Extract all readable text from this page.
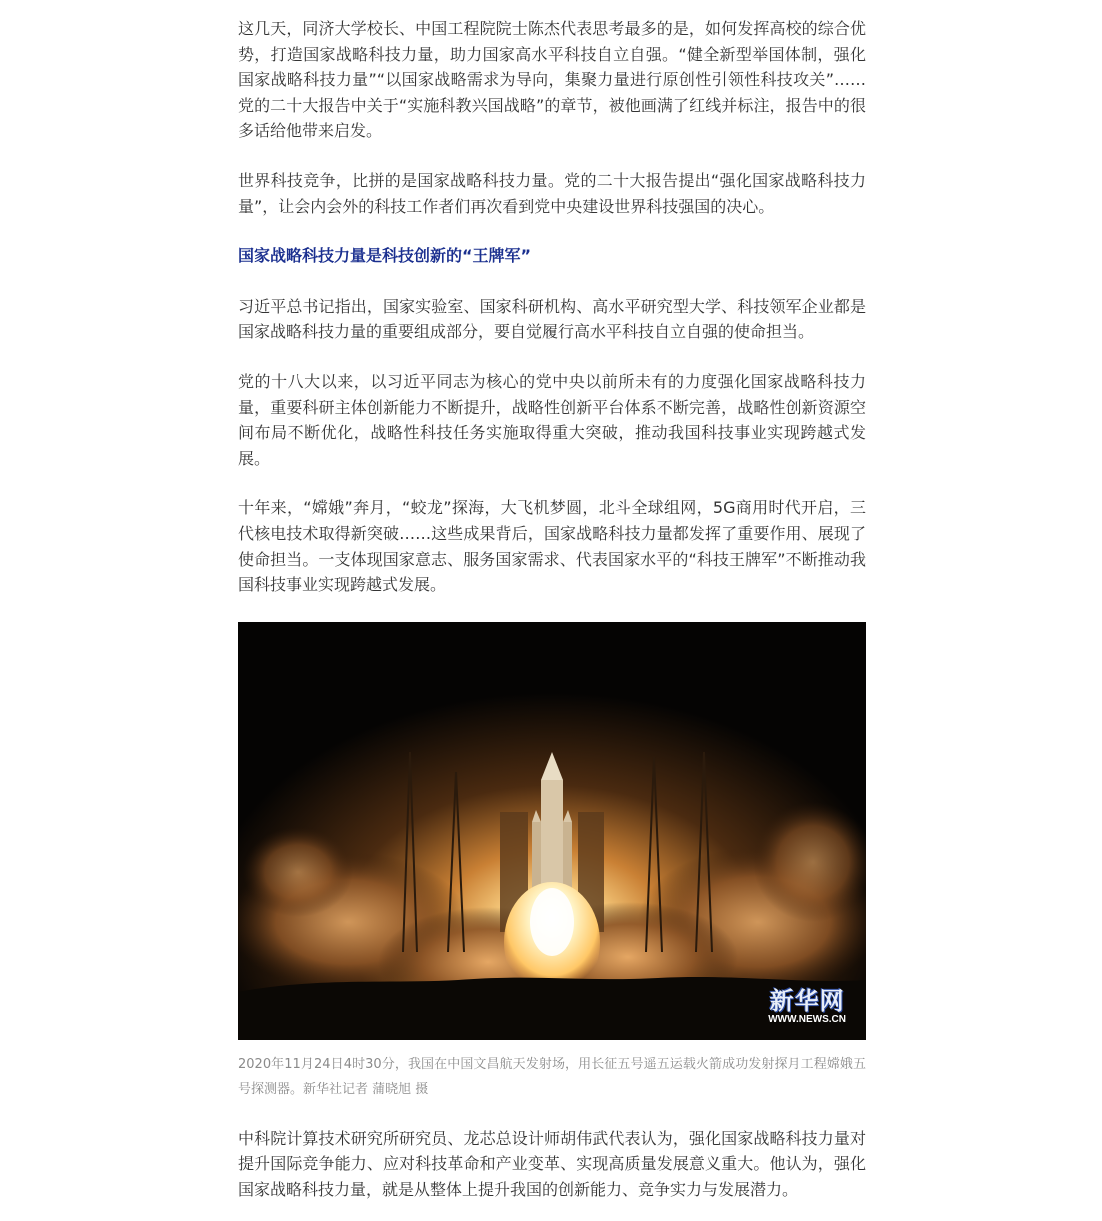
这几天，同济大学校长、中国工程院院士陈杰代表思考最多的是，如何发挥高校的综合优势，打造国家战略科技力量，助力国家高水平科技自立自强。“健全新型举国体制，强化国家战略科技力量”“以国家战略需求为导向，集聚力量进行原创性引领性科技攻关”……党的二十大报告中关于“实施科教兴国战略”的章节，被他画满了红线并标注，报告中的很多话给他带来启发。

世界科技竞争，比拼的是国家战略科技力量。党的二十大报告提出“强化国家战略科技力量”，让会内会外的科技工作者们再次看到党中央建设世界科技强国的决心。

国家战略科技力量是科技创新的“王牌军”

习近平总书记指出，国家实验室、国家科研机构、高水平研究型大学、科技领军企业都是国家战略科技力量的重要组成部分，要自觉履行高水平科技自立自强的使命担当。

党的十八大以来，以习近平同志为核心的党中央以前所未有的力度强化国家战略科技力量，重要科研主体创新能力不断提升，战略性创新平台体系不断完善，战略性创新资源空间布局不断优化，战略性科技任务实施取得重大突破，推动我国科技事业实现跨越式发展。

十年来，“嫦娥”奔月，“蛟龙”探海，大飞机梦圆，北斗全球组网，5G商用时代开启，三代核电技术取得新突破……这些成果背后，国家战略科技力量都发挥了重要作用、展现了使命担当。一支体现国家意志、服务国家需求、代表国家水平的“科技王牌军”不断推动我国科技事业实现跨越式发展。

新华网
WWW.NEWS.CN

2020年11月24日4时30分，我国在中国文昌航天发射场，用长征五号遥五运载火箭成功发射探月工程嫦娥五号探测器。新华社记者 蒲晓旭 摄

中科院计算技术研究所研究员、龙芯总设计师胡伟武代表认为，强化国家战略科技力量对提升国际竞争能力、应对科技革命和产业变革、实现高质量发展意义重大。他认为，强化国家战略科技力量，就是从整体上提升我国的创新能力、竞争实力与发展潜力。
